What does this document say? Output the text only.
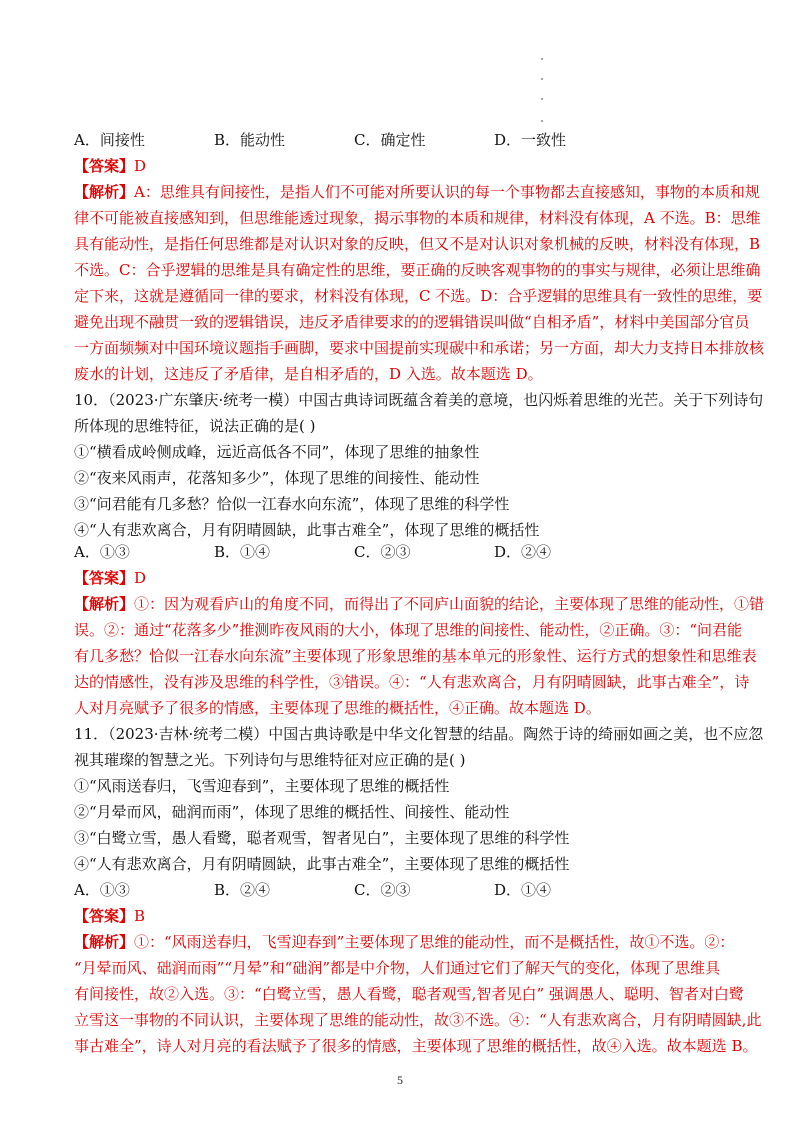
A．间接性	B．能动性	C．确定性	D．一致性
【答案】D
【解析】A：思维具有间接性，是指人们不可能对所要认识的每一个事物都去直接感知，事物的本质和规
律不可能被直接感知到，但思维能透过现象，揭示事物的本质和规律，材料没有体现，A 不选。B：思维
具有能动性，是指任何思维都是对认识对象的反映，但又不是对认识对象机械的反映，材料没有体现，B
不选。C：合乎逻辑的思维是具有确定性的思维，要正确的反映客观事物的的事实与规律，必须让思维确
定下来，这就是遵循同一律的要求，材料没有体现，C 不选。D：合乎逻辑的思维具有一致性的思维，要
避免出现不融贯一致的逻辑错误，违反矛盾律要求的的逻辑错误叫做“自相矛盾”，材料中美国部分官员
一方面频频对中国环境议题指手画脚，要求中国提前实现碳中和承诺；另一方面，却大力支持日本排放核
废水的计划，这违反了矛盾律，是自相矛盾的，D 入选。故本题选 D。
10．（2023·广东肇庆·统考一模）中国古典诗词既蕴含着美的意境，也闪烁着思维的光芒。关于下列诗句
所体现的思维特征，说法正确的是( )
①“横看成岭侧成峰，远近高低各不同”，体现了思维的抽象性
②“夜来风雨声，花落知多少”，体现了思维的间接性、能动性
③“问君能有几多愁？恰似一江春水向东流”，体现了思维的科学性
④“人有悲欢离合，月有阴晴圆缺，此事古难全”，体现了思维的概括性
A．①③	B．①④	C．②③	D．②④
【答案】D
【解析】①：因为观看庐山的角度不同，而得出了不同庐山面貌的结论，主要体现了思维的能动性，①错
误。②：通过“花落多少”推测昨夜风雨的大小，体现了思维的间接性、能动性，②正确。③：“问君能
有几多愁？恰似一江春水向东流”主要体现了形象思维的基本单元的形象性、运行方式的想象性和思维表
达的情感性，没有涉及思维的科学性，③错误。④：“人有悲欢离合，月有阴晴圆缺，此事古难全”，诗
人对月亮赋予了很多的情感，主要体现了思维的概括性，④正确。故本题选 D。
11．（2023·吉林·统考二模）中国古典诗歌是中华文化智慧的结晶。陶然于诗的绮丽如画之美，也不应忽
视其璀璨的智慧之光。下列诗句与思维特征对应正确的是( )
①“风雨送春归，飞雪迎春到”，主要体现了思维的概括性
②“月晕而风，础润而雨”，体现了思维的概括性、间接性、能动性
③“白鹭立雪，愚人看鹭，聪者观雪，智者见白”，主要体现了思维的科学性
④“人有悲欢离合，月有阴晴圆缺，此事古难全”，主要体现了思维的概括性
A．①③	B．②④	C．②③	D．①④
【答案】B
【解析】①：“风雨送春归，飞雪迎春到”主要体现了思维的能动性，而不是概括性，故①不选。②：
“月晕而风、础润而雨”“月晕”和“础润”都是中介物，人们通过它们了解天气的变化，体现了思维具
有间接性，故②入选。③：“白鹭立雪，愚人看鹭，聪者观雪,智者见白” 强调愚人、聪明、智者对白鹭
立雪这一事物的不同认识，主要体现了思维的能动性，故③不选。④：“人有悲欢离合，月有阴晴圆缺,此
事古难全”，诗人对月亮的看法赋予了很多的情感，主要体现了思维的概括性，故④入选。故本题选 B。
5
